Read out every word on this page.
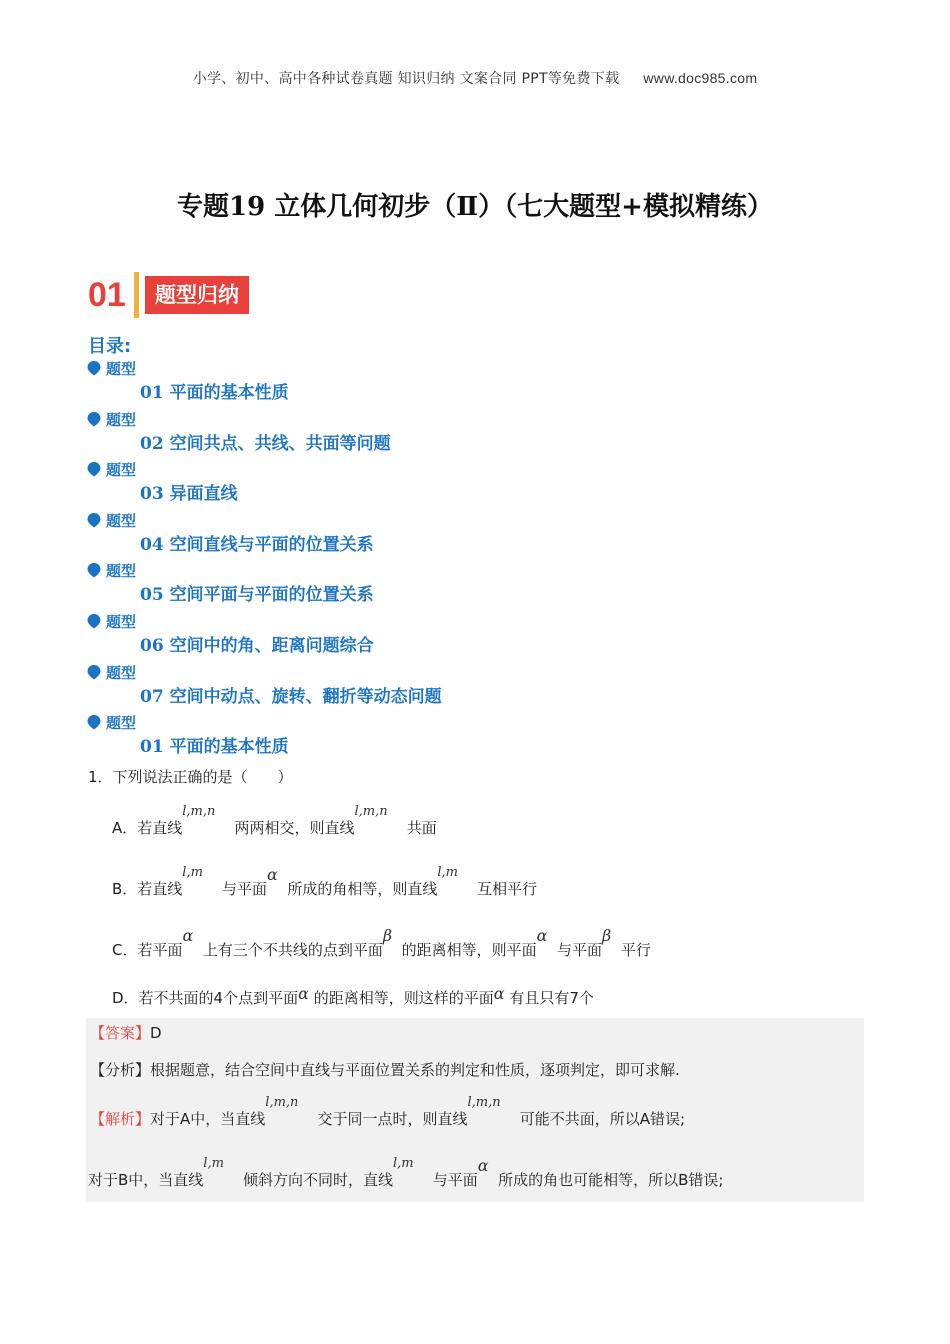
小学、初中、高中各种试卷真题 知识归纳 文案合同 PPT等免费下载 www.doc985.com
专题19 立体几何初步（Ⅱ）（七大题型+模拟精练）
01	题型归纳
目录:
题型
01 平面的基本性质
题型
02 空间共点、共线、共面等问题
题型
03 异面直线
题型
04 空间直线与平面的位置关系
题型
05 空间平面与平面的位置关系
题型
06 空间中的角、距离问题综合
题型
07 空间中动点、旋转、翻折等动态问题
题型
01 平面的基本性质
1．下列说法正确的是（　　）
A．若直线l,m,n    两两相交，则直线l,m,n    共面
B．若直线l,m    与平面α  所成的角相等，则直线l,m    互相平行
C．若平面α  上有三个不共线的点到平面β  的距离相等，则平面α  与平面β  平行
D．若不共面的4个点到平面α 的距离相等，则这样的平面α 有且只有7个
【答案】D
【分析】根据题意，结合空间中直线与平面位置关系的判定和性质，逐项判定，即可求解.
【解析】对于A中，当直线l,m,n    交于同一点时，则直线l,m,n    可能不共面，所以A错误;
对于B中，当直线l,m    倾斜方向不同时，直线l,m    与平面α  所成的角也可能相等，所以B错误;
